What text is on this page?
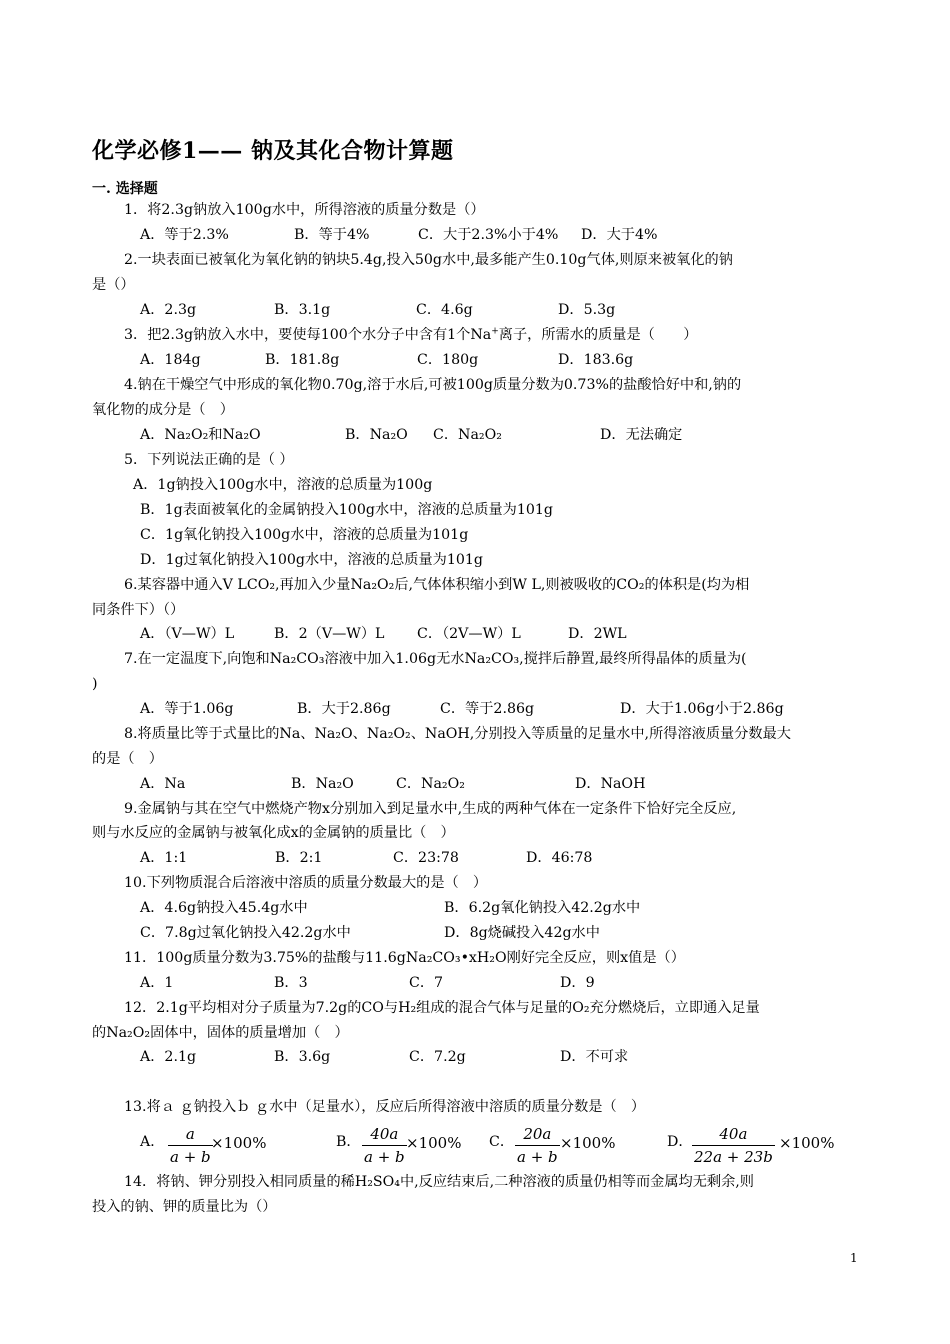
化学必修1—— 钠及其化合物计算题
一. 选择题
1．将2.3g钠放入100g水中，所得溶液的质量分数是（）
A．等于2.3%	B．等于4%	C．大于2.3%小于4% D．大于4%
2.一块表面已被氧化为氧化钠的钠块5.4g,投入50g水中,最多能产生0.10g气体,则原来被氧化的钠
是（）
A．2.3g	B．3.1g	C．4.6g	D．5.3g
3．把2.3g钠放入水中，要使每100个水分子中含有1个Na+离子，所需水的质量是（　　）
A．184g	B．181.8g	C．180g	D．183.6g
4.钠在干燥空气中形成的氧化物0.70g,溶于水后,可被100g质量分数为0.73%的盐酸恰好中和,钠的
氧化物的成分是（　）
A．Na₂O₂和Na₂O	B．Na₂O C．Na₂O₂	D．无法确定
5．下列说法正确的是（ ）
A．1g钠投入100g水中，溶液的总质量为100g
B．1g表面被氧化的金属钠投入100g水中，溶液的总质量为101g
C．1g氧化钠投入100g水中，溶液的总质量为101g
D．1g过氧化钠投入100g水中，溶液的总质量为101g
6.某容器中通入V LCO₂,再加入少量Na₂O₂后,气体体积缩小到W L,则被吸收的CO₂的体积是(均为相
同条件下）（）
A．（V—W）L	B．2（V—W）L C．（2V—W）L	D．2WL
7.在一定温度下,向饱和Na₂CO₃溶液中加入1.06g无水Na₂CO₃,搅拌后静置,最终所得晶体的质量为(
)
A．等于1.06g	B．大于2.86g	C．等于2.86g	D．大于1.06g小于2.86g
8.将质量比等于式量比的Na、Na₂O、Na₂O₂、NaOH,分别投入等质量的足量水中,所得溶液质量分数最大
的是（　）
A．Na	B．Na₂O	C．Na₂O₂	D．NaOH
9.金属钠与其在空气中燃烧产物x分别加入到足量水中,生成的两种气体在一定条件下恰好完全反应,
则与水反应的金属钠与被氧化成x的金属钠的质量比（　）
A．1:1	B．2:1	C．23:78	D．46:78
10.下列物质混合后溶液中溶质的质量分数最大的是（　）
A．4.6g钠投入45.4g水中	B．6.2g氧化钠投入42.2g水中
C．7.8g过氧化钠投入42.2g水中	D．8g烧碱投入42g水中
11．100g质量分数为3.75%的盐酸与11.6gNa₂CO₃•xH₂O刚好完全反应，则x值是（）
A．1	B．3	C．7	D．9
12．2.1g平均相对分子质量为7.2g的CO与H₂组成的混合气体与足量的O₂充分燃烧后，立即通入足量
的Na₂O₂固体中，固体的质量增加（　）
A．2.1g	B．3.6g	C．7.2g	D．不可求
13.将ａ ｇ钠投入ｂ ｇ水中（足量水），反应后所得溶液中溶质的质量分数是（　）
A． $\frac{a}{a + b}$
×100%	B． $\frac{40a}{a + b} \times 100\%$ C． $\frac{20a}{a + b} \times 100\%$	D． $\frac{40a}{22a + 23b} \times 100\%$
14．将钠、钾分别投入相同质量的稀H₂SO₄中,反应结束后,二种溶液的质量仍相等而金属均无剩余,则
投入的钠、钾的质量比为（）
1
